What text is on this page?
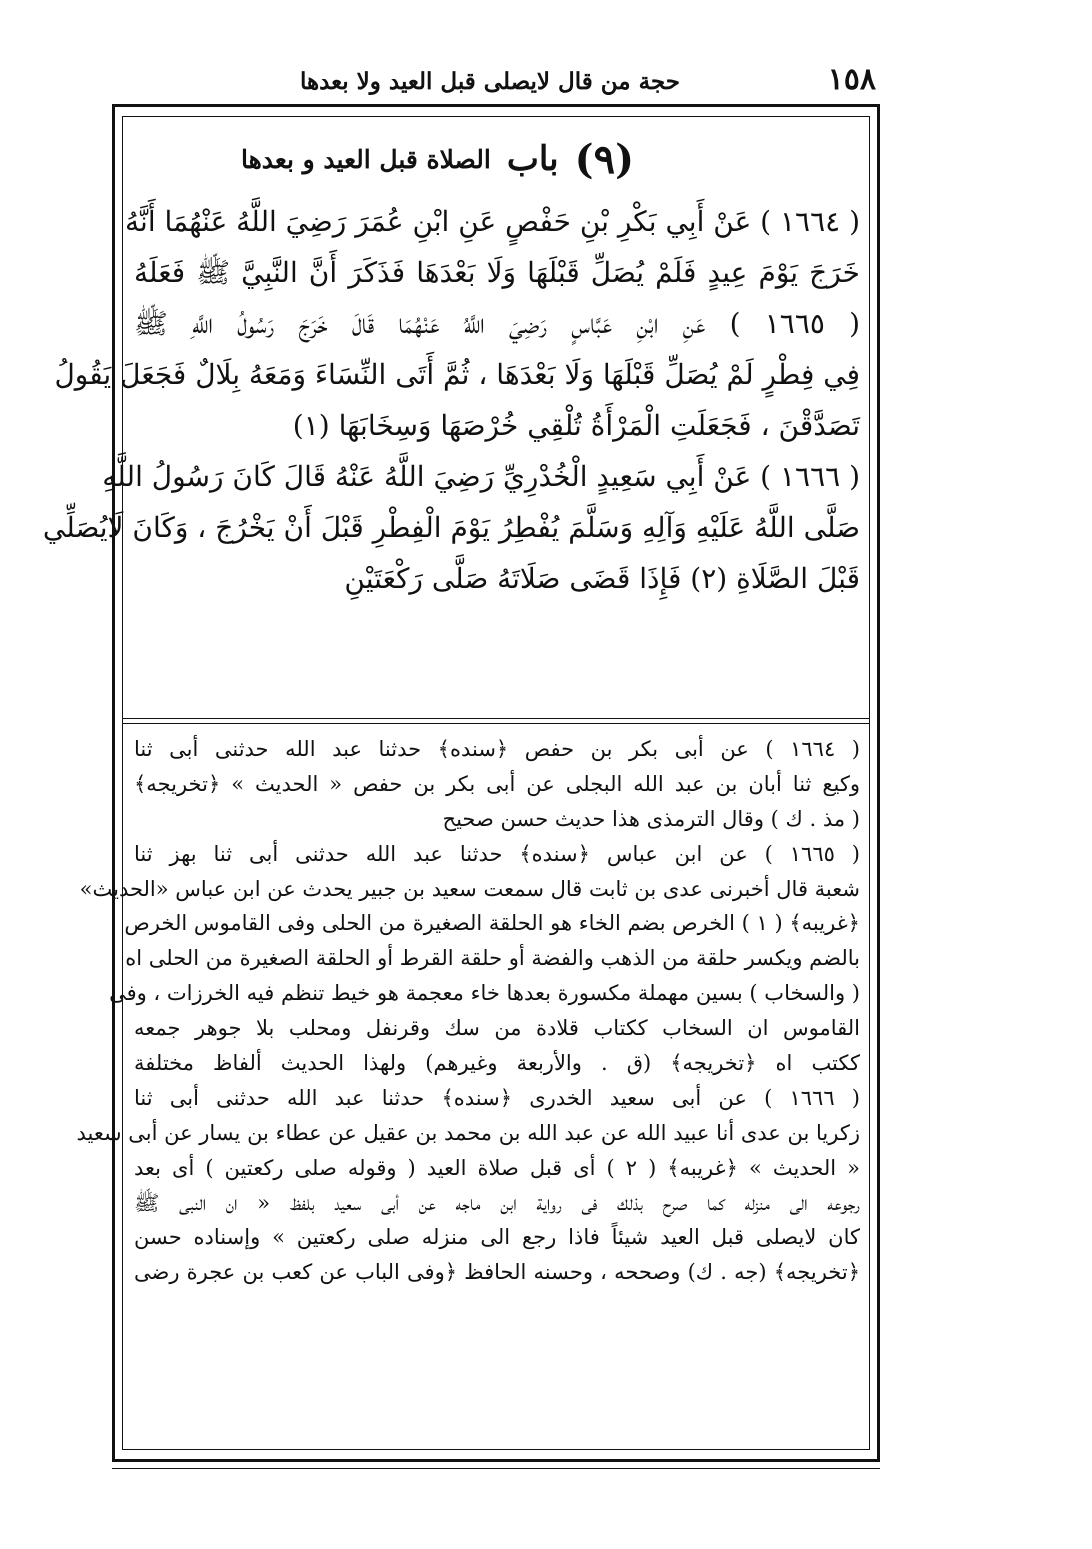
١٥٨
حجة من قال لايصلى قبل العيد ولا بعدها
(٩)
باب
الصلاة قبل العيد و بعدها
( ١٦٦٤ ) عَنْ أَبِي بَكْرِ بْنِ حَفْصٍ عَنِ ابْنِ عُمَرَ رَضِيَ اللَّهُ عَنْهُمَا أَنَّهُ
خَرَجَ يَوْمَ عِيدٍ فَلَمْ يُصَلِّ قَبْلَهَا وَلَا بَعْدَهَا فَذَكَرَ أَنَّ النَّبِيَّ ﷺ فَعَلَهُ
( ١٦٦٥ ) عَنِ ابْنِ عَبَّاسٍ رَضِيَ اللَّهُ عَنْهُمَا قَالَ خَرَجَ رَسُولُ اللَّهِ ﷺ
فِي فِطْرٍ لَمْ يُصَلِّ قَبْلَهَا وَلَا بَعْدَهَا ، ثُمَّ أَتَى النِّسَاءَ وَمَعَهُ بِلَالٌ فَجَعَلَ يَقُولُ
تَصَدَّقْنَ ، فَجَعَلَتِ الْمَرْأَةُ تُلْقِي خُرْصَهَا وَسِخَابَهَا (١)
( ١٦٦٦ ) عَنْ أَبِي سَعِيدٍ الْخُدْرِيِّ رَضِيَ اللَّهُ عَنْهُ قَالَ كَانَ رَسُولُ اللَّهِ
صَلَّى اللَّهُ عَلَيْهِ وَآلِهِ وَسَلَّمَ يُفْطِرُ يَوْمَ الْفِطْرِ قَبْلَ أَنْ يَخْرُجَ ، وَكَانَ لَايُصَلِّي
قَبْلَ الصَّلَاةِ (٢) فَإِذَا قَضَى صَلَاتَهُ صَلَّى رَكْعَتَيْنِ
( ١٦٦٤ ) عن أبى بكر بن حفص ﴿سنده﴾ حدثنا عبد الله حدثنى أبى ثنا
وكيع ثنا أبان بن عبد الله البجلى عن أبى بكر بن حفص « الحديث » ﴿تخريجه﴾
( مذ . ك ) وقال الترمذى هذا حديث حسن صحيح
( ١٦٦٥ ) عن ابن عباس ﴿سنده﴾ حدثنا عبد الله حدثنى أبى ثنا بهز ثنا
شعبة قال أخبرنى عدى بن ثابت قال سمعت سعيد بن جبير يحدث عن ابن عباس «الحديث»
﴿غريبه﴾ ( ١ ) الخرص بضم الخاء هو الحلقة الصغيرة من الحلى وفى القاموس الخرص
بالضم ويكسر حلقة من الذهب والفضة أو حلقة القرط أو الحلقة الصغيرة من الحلى اه
( والسخاب ) بسين مهملة مكسورة بعدها خاء معجمة هو خيط تنظم فيه الخرزات ، وفى
القاموس ان السخاب ككتاب قلادة من سك وقرنفل ومحلب بلا جوهر جمعه
ككتب اه ﴿تخريجه﴾ (ق . والأربعة وغيرهم) ولهذا الحديث ألفاظ مختلفة
( ١٦٦٦ ) عن أبى سعيد الخدرى ﴿سنده﴾ حدثنا عبد الله حدثنى أبى ثنا
زكريا بن عدى أنا عبيد الله عن عبد الله بن محمد بن عقيل عن عطاء بن يسار عن أبى سعيد
« الحديث » ﴿غريبه﴾ ( ٢ ) أى قبل صلاة العيد ( وقوله صلى ركعتين ) أى بعد
رجوعه الى منزله كما صرح بذلك فى رواية ابن ماجه عن أبى سعيد بلفظ « ان النبى ﷺ
كان لايصلى قبل العيد شيئاً فاذا رجع الى منزله صلى ركعتين » وإسناده حسن
﴿تخريجه﴾ (جه . ك) وصححه ، وحسنه الحافظ ﴿وفى الباب عن كعب بن عجرة رضى
